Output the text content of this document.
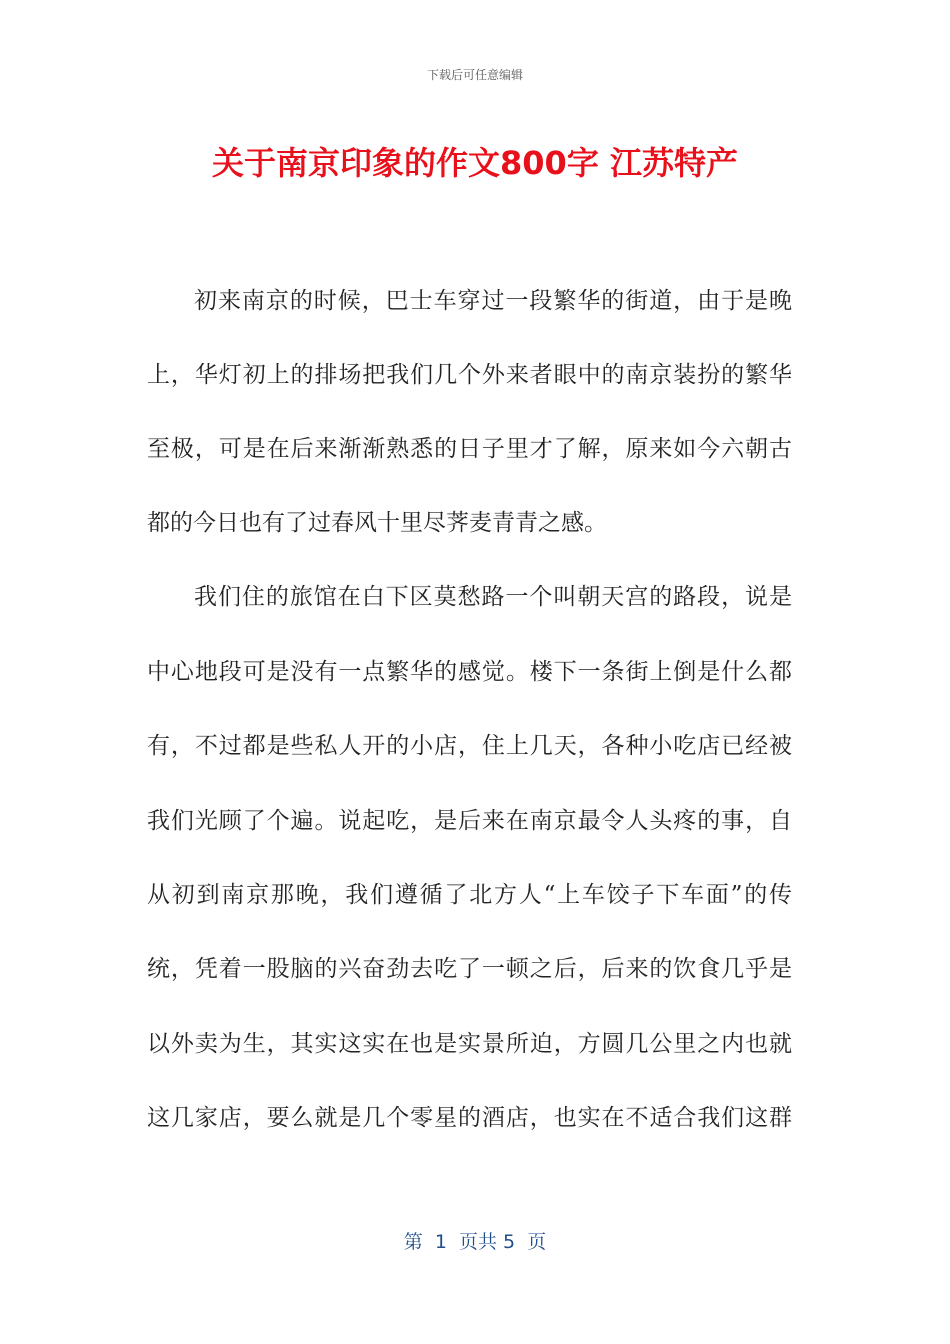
下载后可任意编辑
关于南京印象的作文800字 江苏特产
初来南京的时候，巴士车穿过一段繁华的街道，由于是晚
上，华灯初上的排场把我们几个外来者眼中的南京装扮的繁华
至极，可是在后来渐渐熟悉的日子里才了解，原来如今六朝古
都的今日也有了过春风十里尽荠麦青青之感。
我们住的旅馆在白下区莫愁路一个叫朝天宫的路段，说是
中心地段可是没有一点繁华的感觉。楼下一条街上倒是什么都
有，不过都是些私人开的小店，住上几天，各种小吃店已经被
我们光顾了个遍。说起吃，是后来在南京最令人头疼的事，自
从初到南京那晚，我们遵循了北方人“上车饺子下车面”的传
统，凭着一股脑的兴奋劲去吃了一顿之后，后来的饮食几乎是
以外卖为生，其实这实在也是实景所迫，方圆几公里之内也就
这几家店，要么就是几个零星的酒店，也实在不适合我们这群
第  1  页共 5  页
